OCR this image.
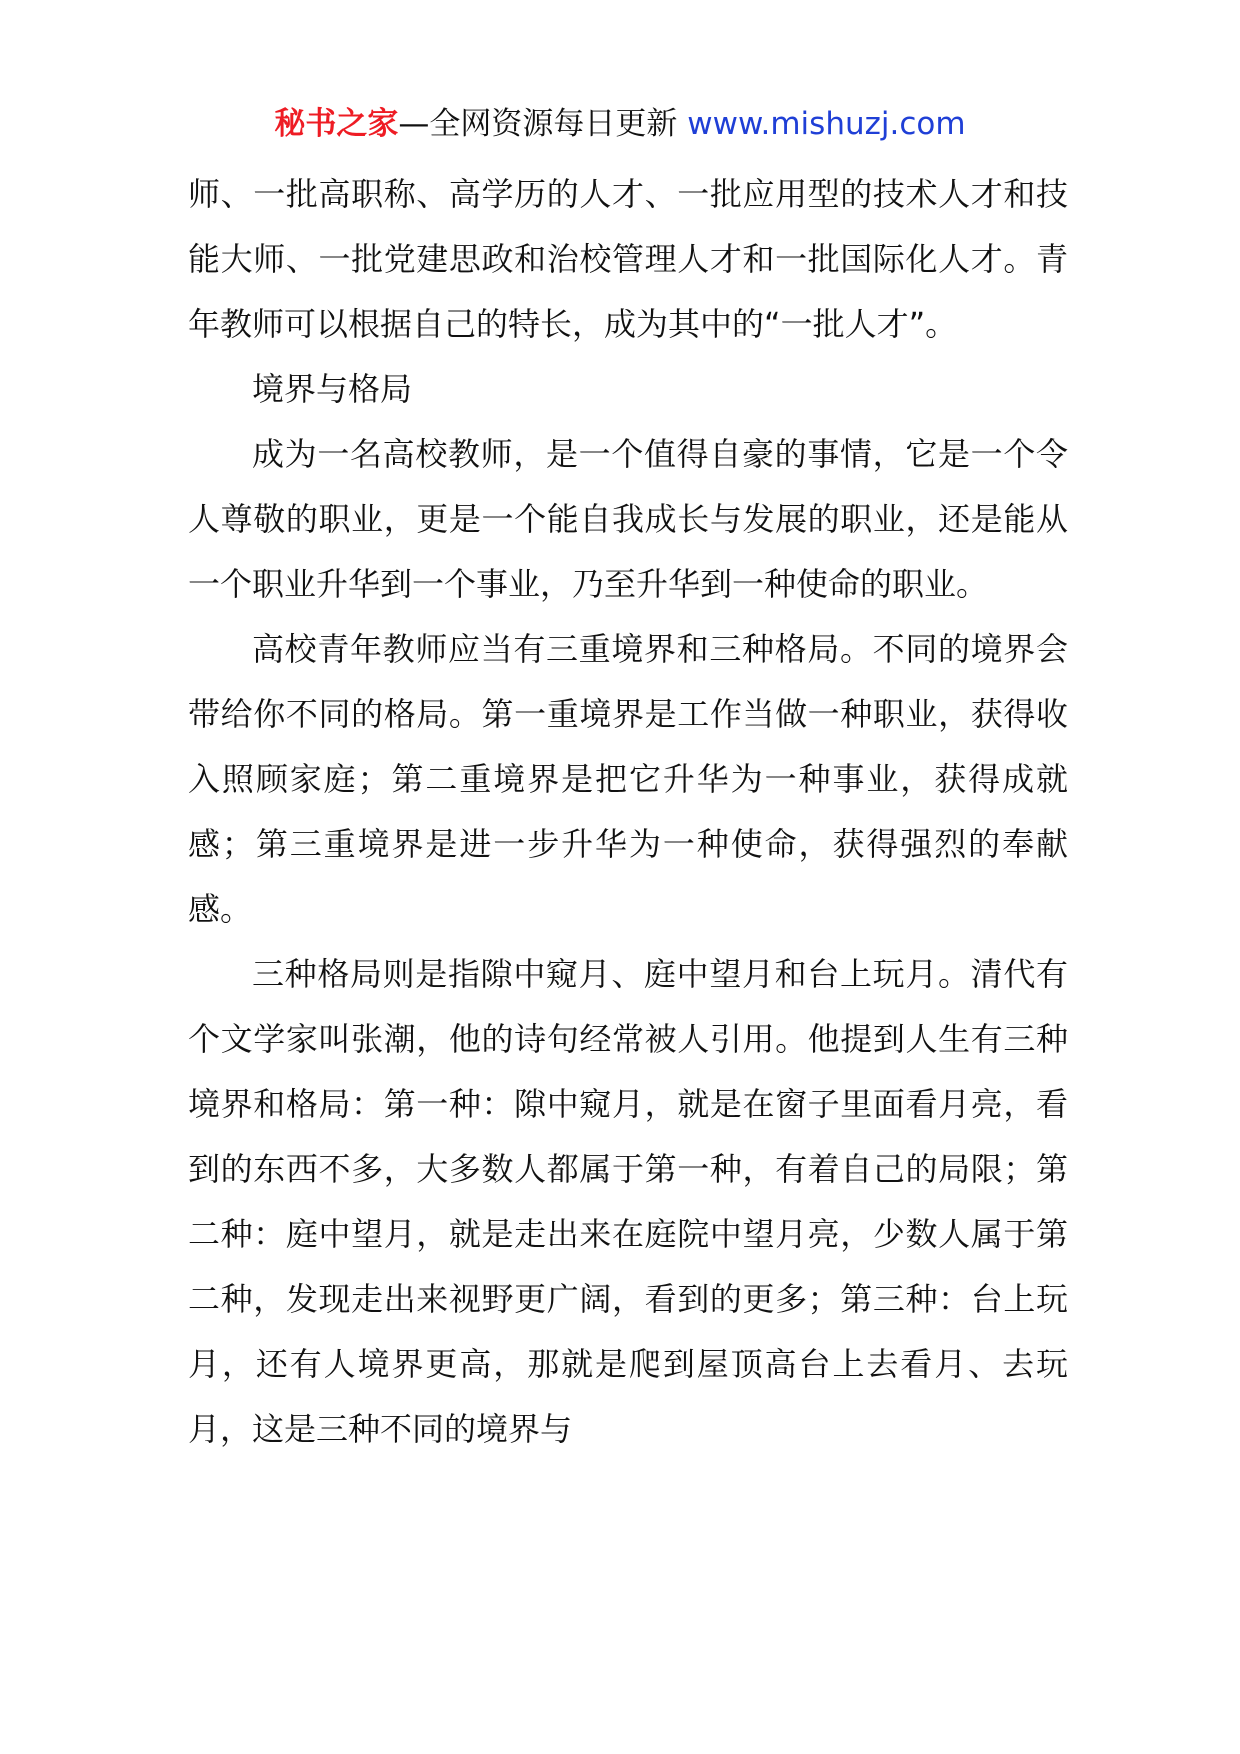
秘书之家—全网资源每日更新 www.mishuzj.com

师、一批高职称、高学历的人才、一批应用型的技术人才和技能大师、一批党建思政和治校管理人才和一批国际化人才。青年教师可以根据自己的特长，成为其中的“一批人才”。

境界与格局

成为一名高校教师，是一个值得自豪的事情，它是一个令人尊敬的职业，更是一个能自我成长与发展的职业，还是能从一个职业升华到一个事业，乃至升华到一种使命的职业。

高校青年教师应当有三重境界和三种格局。不同的境界会带给你不同的格局。第一重境界是工作当做一种职业，获得收入照顾家庭；第二重境界是把它升华为一种事业，获得成就感；第三重境界是进一步升华为一种使命，获得强烈的奉献感。

三种格局则是指隙中窥月、庭中望月和台上玩月。清代有个文学家叫张潮，他的诗句经常被人引用。他提到人生有三种境界和格局：第一种：隙中窥月，就是在窗子里面看月亮，看到的东西不多，大多数人都属于第一种，有着自己的局限；第二种：庭中望月，就是走出来在庭院中望月亮，少数人属于第二种，发现走出来视野更广阔，看到的更多；第三种：台上玩月，还有人境界更高，那就是爬到屋顶高台上去看月、去玩月，这是三种不同的境界与
